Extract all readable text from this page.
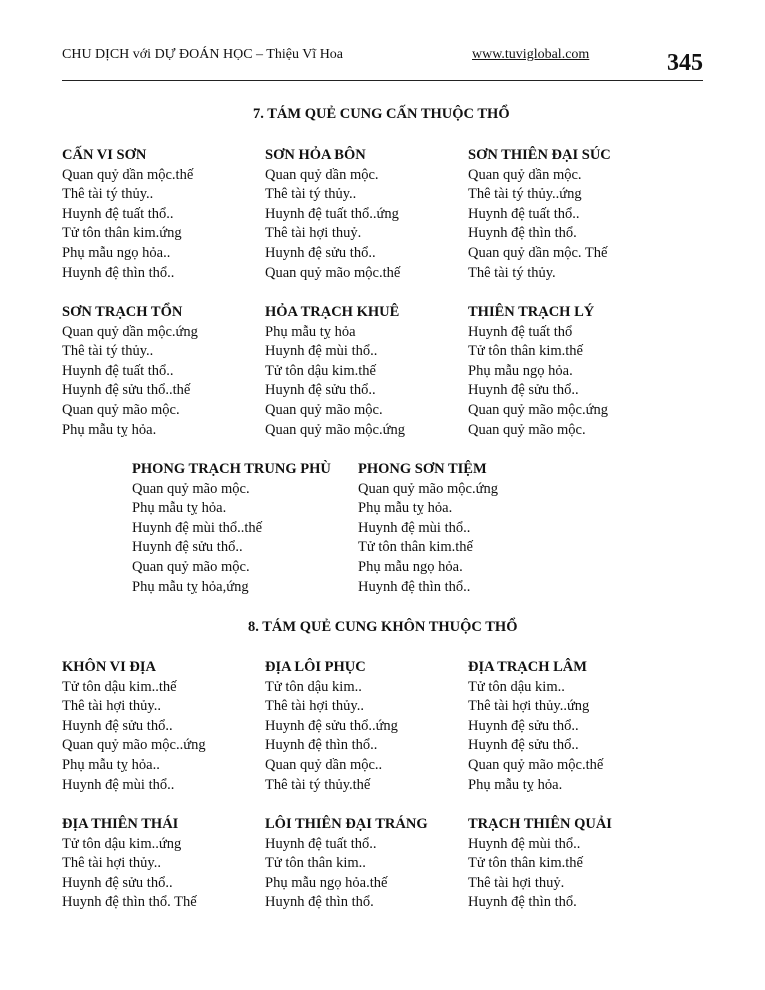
CHU DỊCH với DỰ ĐOÁN HỌC – Thiệu Vĩ Hoa	www.tuviglobal.com	345
7. TÁM QUẺ CUNG CẤN THUỘC THỔ
CẤN VI SƠN
Quan quỷ dần mộc.thế
Thê tài tý thủy..
Huynh đệ tuất thổ..
Tử tôn thân kim.ứng
Phụ mẫu ngọ hỏa..
Huynh đệ thìn thổ..
SƠN HỎA BÔN
Quan quỷ dần mộc.
Thê tài tý thủy..
Huynh đệ tuất thổ..ứng
Thê tài hợi thuỷ.
Huynh đệ sửu thổ..
Quan quỷ mão mộc.thế
SƠN THIÊN ĐẠI SÚC
Quan quỷ dần mộc.
Thê tài tý thủy..ứng
Huynh đệ tuất thổ..
Huynh đệ thìn thổ.
Quan quỷ dần mộc. Thế
Thê tài tý thủy.
SƠN TRẠCH TỔN
Quan quỷ dần mộc.ứng
Thê tài tý thủy..
Huynh đệ tuất thổ..
Huynh đệ sửu thổ..thế
Quan quỷ mão mộc.
Phụ mẫu tỵ hỏa.
HỎA TRẠCH KHUÊ
Phụ mẫu tỵ hỏa
Huynh đệ mùi thổ..
Tử tôn dậu kim.thế
Huynh đệ sửu thổ..
Quan quỷ mão mộc.
Quan quỷ mão mộc.ứng
THIÊN TRẠCH LÝ
Huynh đệ tuất thổ
Tử tôn thân kim.thế
Phụ mẫu ngọ hỏa.
Huynh đệ sửu thổ..
Quan quỷ mão mộc.ứng
Quan quỷ mão mộc.
PHONG TRẠCH TRUNG PHÙ
Quan quỷ mão mộc.
Phụ mẫu tỵ hỏa.
Huynh đệ mùi thổ..thế
Huynh đệ sửu thổ..
Quan quỷ mão mộc.
Phụ mẫu tỵ hỏa,ứng
PHONG SƠN TIỆM
Quan quỷ mão mộc.ứng
Phụ mẫu tỵ hỏa.
Huynh đệ mùi thổ..
Tử tôn thân kim.thế
Phụ mẫu ngọ hỏa.
Huynh đệ thìn thổ..
8. TÁM QUẺ CUNG KHÔN THUỘC THỔ
KHÔN VI ĐỊA
Tử tôn dậu kim..thế
Thê tài hợi thủy..
Huynh đệ sửu thổ..
Quan quỷ mão mộc..ứng
Phụ mẫu tỵ hỏa..
Huynh đệ mùi thổ..
ĐỊA LÔI PHỤC
Tử tôn dậu kim..
Thê tài hợi thủy..
Huynh đệ sửu thổ..ứng
Huynh đệ thìn thổ..
Quan quỷ dần mộc..
Thê tài tý thủy.thế
ĐỊA TRẠCH LÂM
Tử tôn dậu kim..
Thê tài hợi thủy..ứng
Huynh đệ sửu thổ..
Huynh đệ sửu thổ..
Quan quỷ mão mộc.thế
Phụ mẫu tỵ hỏa.
ĐỊA THIÊN THÁI
Tử tôn dậu kim..ứng
Thê tài hợi thủy..
Huynh đệ sửu thổ..
Huynh đệ thìn thổ. Thế
LÔI THIÊN ĐẠI TRÁNG
Huynh đệ tuất thổ..
Tử tôn thân kim..
Phụ mẫu ngọ hỏa.thế
Huynh đệ thìn thổ.
TRẠCH THIÊN QUẢI
Huynh đệ mùi thổ..
Tử tôn thân kim.thế
Thê tài hợi thuỷ.
Huynh đệ thìn thổ.
